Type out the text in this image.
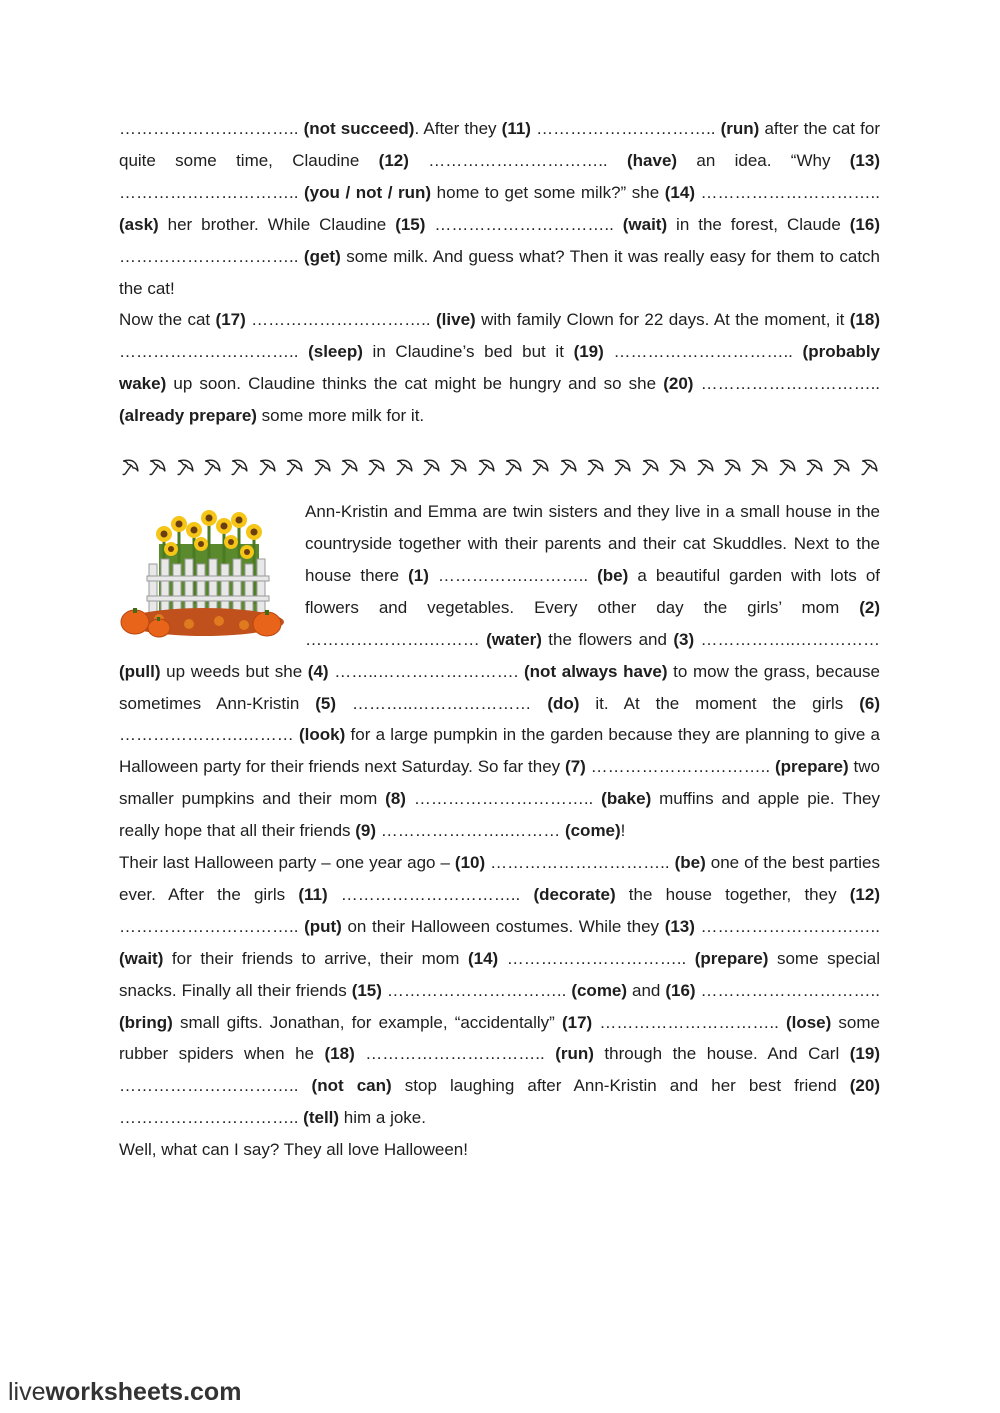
………………………….. (not succeed). After they (11) ………………………….. (run) after the cat for quite some time, Claudine (12) ………………………….. (have) an idea. “Why (13) ………………………….. (you / not / run) home to get some milk?” she (14) ………………………….. (ask) her brother. While Claudine (15) ………………………….. (wait) in the forest, Claude (16) ………………………….. (get) some milk. And guess what? Then it was really easy for them to catch the cat!

Now the cat (17) ………………………….. (live) with family Clown for 22 days. At the moment, it (18) ………………………….. (sleep) in Claudine’s bed but it (19) ………………………….. (probably wake) up soon. Claudine thinks the cat might be hungry and so she (20) ………………………….. (already prepare) some more milk for it.

Ann-Kristin and Emma are twin sisters and they live in a small house in the countryside together with their parents and their cat Skuddles. Next to the house there (1) …………….……….. (be) a beautiful garden with lots of flowers and vegetables. Every other day the girls’ mom (2) ………………….……… (water) the flowers and (3) ……………..…………… (pull) up weeds but she (4) ……..……………………. (not always have) to mow the grass, because sometimes Ann-Kristin (5) ………..………………… (do) it. At the moment the girls (6) ………………….……… (look) for a large pumpkin in the garden because they are planning to give a Halloween party for their friends next Saturday. So far they (7) ………………………….. (prepare) two smaller pumpkins and their mom (8) ………………………….. (bake) muffins and apple pie. They really hope that all their friends (9) …………………..……… (come)!

Their last Halloween party – one year ago – (10) ………………………….. (be) one of the best parties ever. After the girls (11) ………………………….. (decorate) the house together, they (12) ………………………….. (put) on their Halloween costumes. While they (13) ………………………….. (wait) for their friends to arrive, their mom (14) ………………………….. (prepare) some special snacks. Finally all their friends (15) ………………………….. (come) and (16) ………………………….. (bring) small gifts. Jonathan, for example, “accidentally” (17) ………………………….. (lose) some rubber spiders when he (18) ………………………….. (run) through the house. And Carl (19) ………………………….. (not can) stop laughing after Ann-Kristin and her best friend (20) ………………………….. (tell) him a joke.

Well, what can I say? They all love Halloween!

liveworksheets.com
